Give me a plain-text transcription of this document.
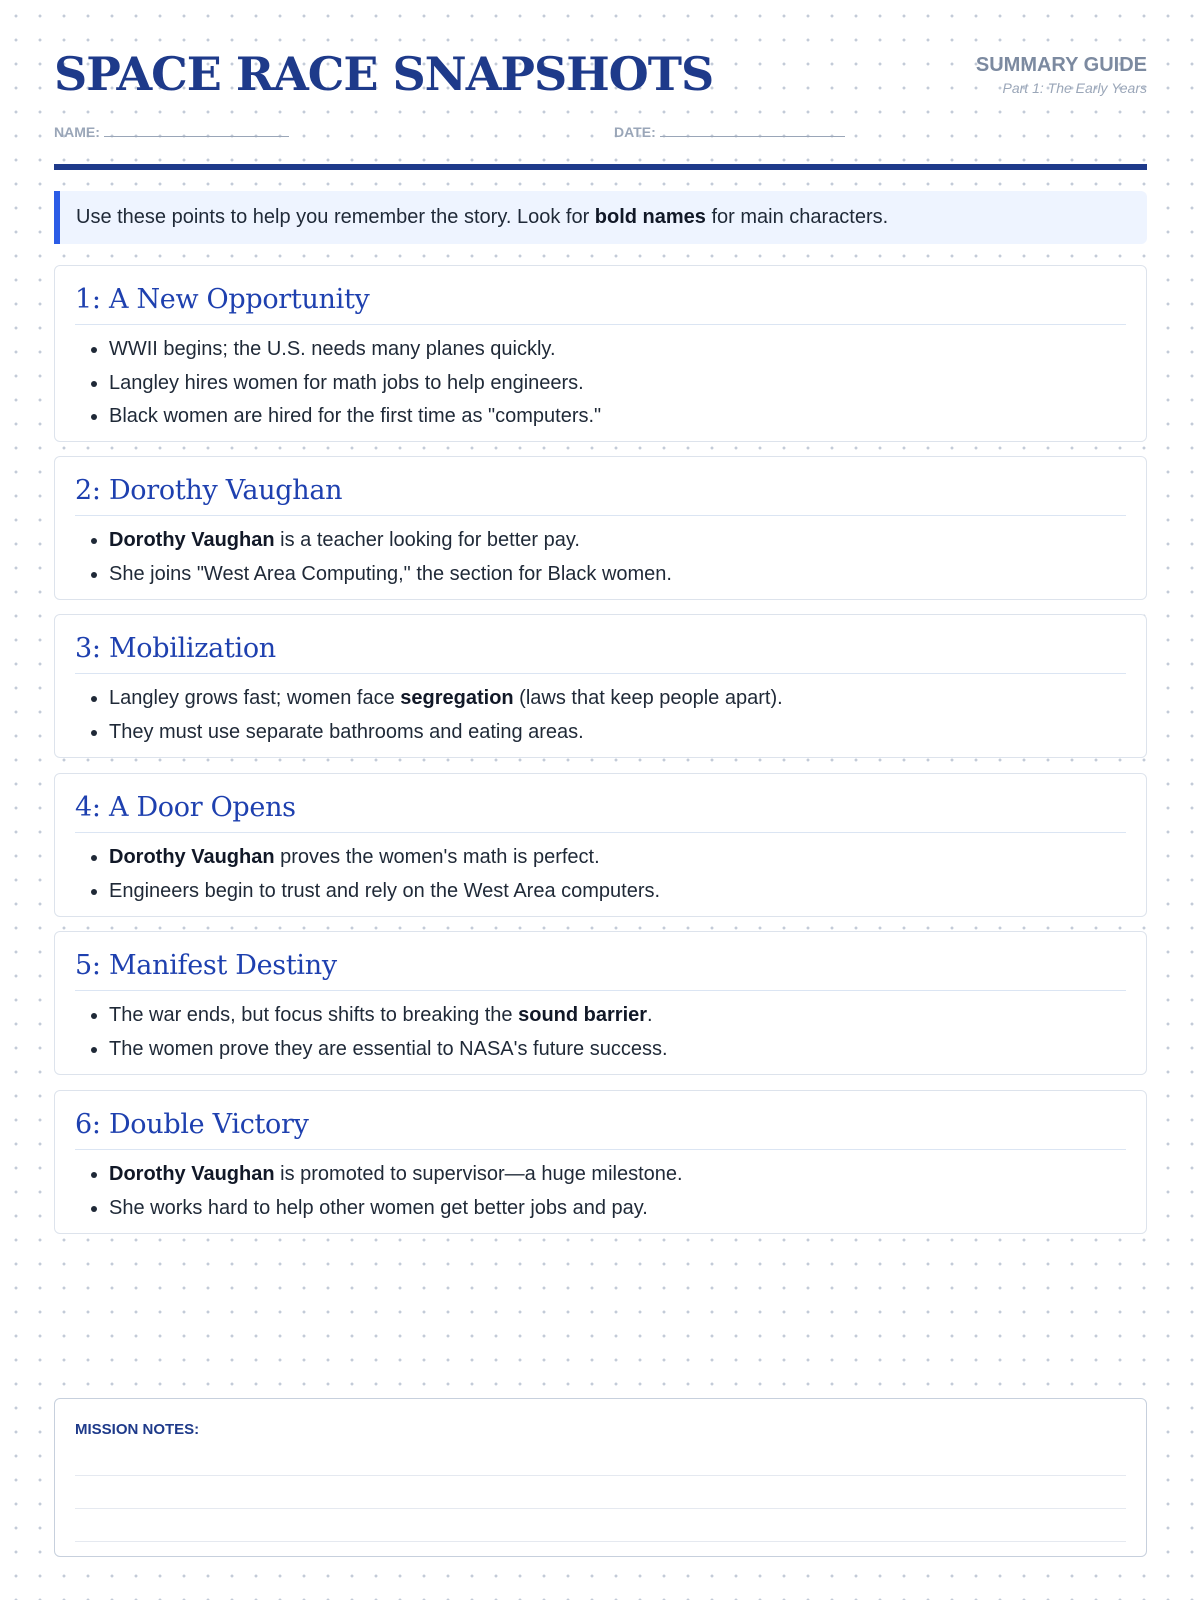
SPACE RACE SNAPSHOTS	SUMMARY GUIDE
Part 1: The Early Years
NAME:	DATE:
Use these points to help you remember the story. Look for bold names for main characters.
1: A New Opportunity
• WWII begins; the U.S. needs many planes quickly.
• Langley hires women for math jobs to help engineers.
• Black women are hired for the first time as "computers."
2: Dorothy Vaughan
• Dorothy Vaughan is a teacher looking for better pay.
• She joins "West Area Computing," the section for Black women.
3: Mobilization
• Langley grows fast; women face segregation (laws that keep people apart).
• They must use separate bathrooms and eating areas.
4: A Door Opens
• Dorothy Vaughan proves the women's math is perfect.
• Engineers begin to trust and rely on the West Area computers.
5: Manifest Destiny
• The war ends, but focus shifts to breaking the sound barrier.
• The women prove they are essential to NASA's future success.
6: Double Victory
• Dorothy Vaughan is promoted to supervisor—a huge milestone.
• She works hard to help other women get better jobs and pay.
MISSION NOTES:
